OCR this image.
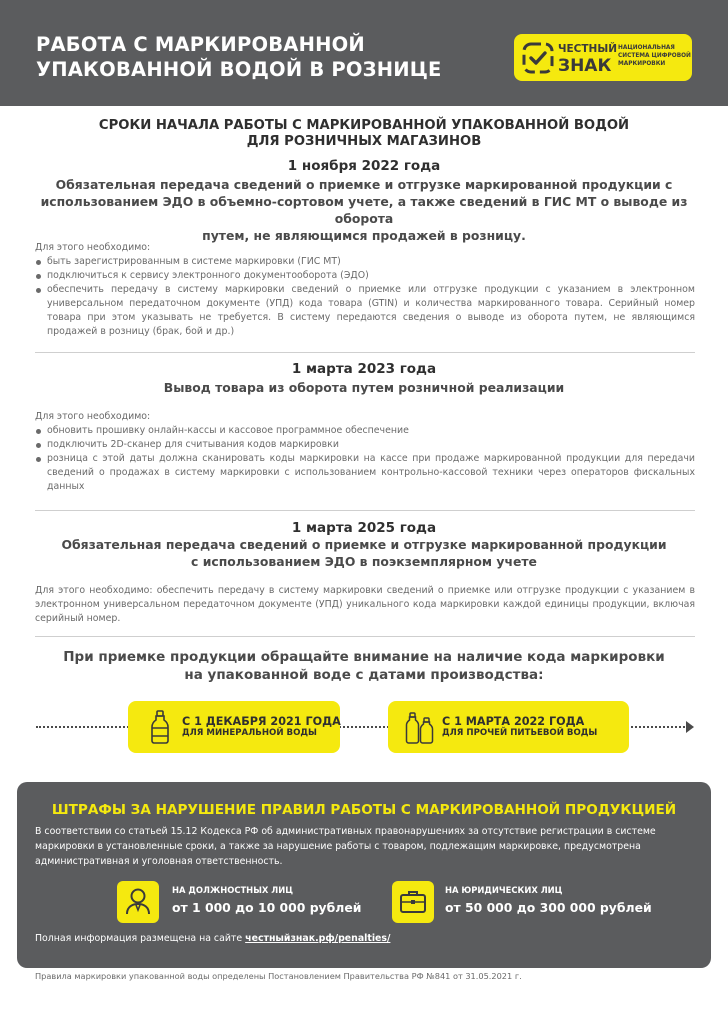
РАБОТА С МАРКИРОВАННОЙ
УПАКОВАННОЙ ВОДОЙ В РОЗНИЦЕ
ЧЕСТНЫЙ
ЗНАК
НАЦИОНАЛЬНАЯ
СИСТЕМА ЦИФРОВОЙ
МАРКИРОВКИ
СРОКИ НАЧАЛА РАБОТЫ С МАРКИРОВАННОЙ УПАКОВАННОЙ ВОДОЙ
ДЛЯ РОЗНИЧНЫХ МАГАЗИНОВ
1 ноября 2022 года
Обязательная передача сведений о приемке и отгрузке маркированной продукции с
использованием ЭДО в объемно-сортовом учете, а также сведений в ГИС МТ о выводе из оборота
путем, не являющимся продажей в розницу.
Для этого необходимо:
быть зарегистрированным в системе маркировки (ГИС МТ)
подключиться к сервису электронного документооборота (ЭДО)
обеспечить передачу в систему маркировки сведений о приемке или отгрузке продукции с указанием в электронном универсальном передаточном документе (УПД) кода товара (GTIN) и количества маркированного товара. Серийный номер товара при этом указывать не требуется. В систему передаются сведения о выводе из оборота путем, не являющимся продажей в розницу (брак, бой и др.)
1 марта 2023 года
Вывод товара из оборота путем розничной реализации
Для этого необходимо:
обновить прошивку онлайн-кассы и кассовое программное обеспечение
подключить 2D-сканер для считывания кодов маркировки
розница с этой даты должна сканировать коды маркировки на кассе при продаже маркированной продукции для передачи сведений о продажах в систему маркировки с использованием контрольно-кассовой техники через операторов фискальных данных
1 марта 2025 года
Обязательная передача сведений о приемке и отгрузке маркированной продукции
с использованием ЭДО в поэкземплярном учете
Для этого необходимо: обеспечить передачу в систему маркировки сведений о приемке или отгрузке продукции с указанием в электронном универсальном передаточном документе (УПД) уникального кода маркировки каждой единицы продукции, включая серийный номер.
При приемке продукции обращайте внимание на наличие кода маркировки
на упакованной воде с датами производства:
С 1 ДЕКАБРЯ 2021 ГОДА
ДЛЯ МИНЕРАЛЬНОЙ ВОДЫ
С 1 МАРТА 2022 ГОДА
ДЛЯ ПРОЧЕЙ ПИТЬЕВОЙ ВОДЫ
ШТРАФЫ ЗА НАРУШЕНИЕ ПРАВИЛ РАБОТЫ С МАРКИРОВАННОЙ ПРОДУКЦИЕЙ
В соответствии со статьей 15.12 Кодекса РФ об административных правонарушениях за отсутствие регистрации в системе маркировки в установленные сроки, а также за нарушение работы с товаром, подлежащим маркировке, предусмотрена административная и уголовная ответственность.
НА ДОЛЖНОСТНЫХ ЛИЦ
от 1 000 до 10 000 рублей
НА ЮРИДИЧЕСКИХ ЛИЦ
от 50 000 до 300 000 рублей
Полная информация размещена на сайте честныйзнак.рф/penalties/
Правила маркировки упакованной воды определены Постановлением Правительства РФ №841 от 31.05.2021 г.
